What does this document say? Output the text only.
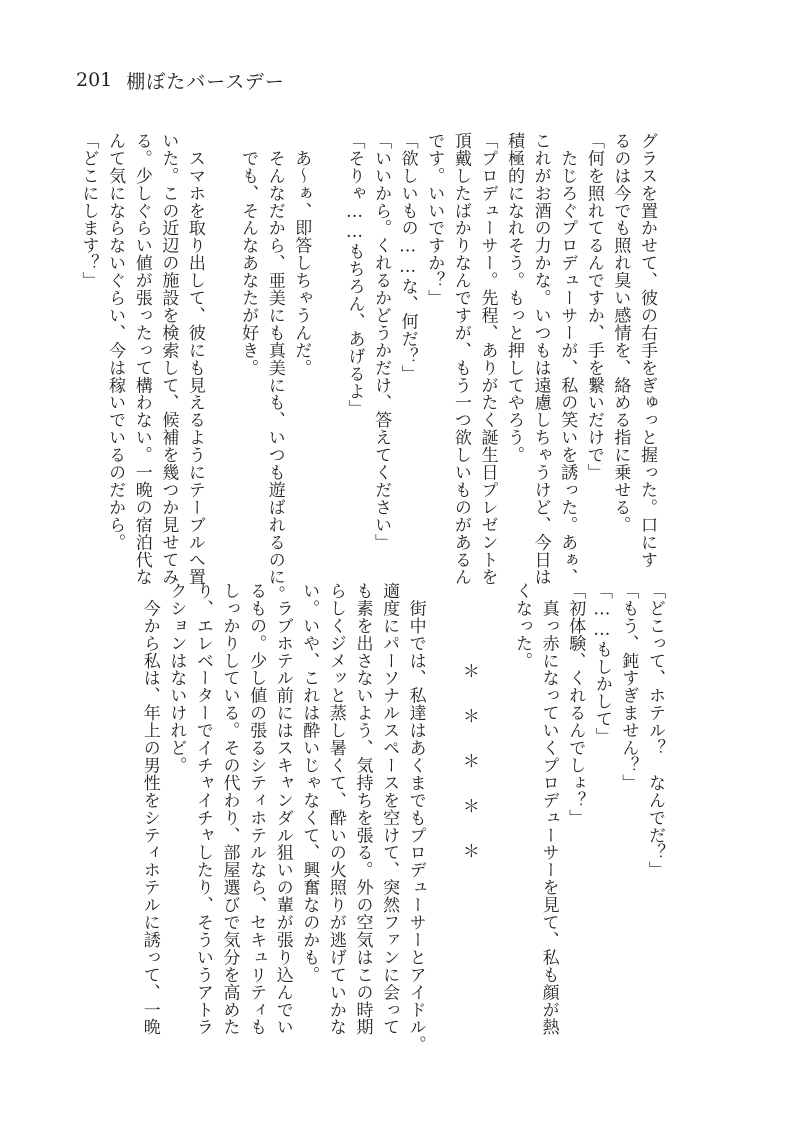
201 棚ぼたバースデー
グラスを置かせて、彼の右手をぎゅっと握った。口にす
るのは今でも照れ臭い感情を、絡める指に乗せる。
「何を照れてるんですか、手を繋いだけで」
　たじろぐプロデューサーが、私の笑いを誘った。あぁ、
これがお酒の力かな。いつもは遠慮しちゃうけど、今日は
積極的になれそう。もっと押してやろう。
「プロデューサー。先程、ありがたく誕生日プレゼントを
頂戴したばかりなんですが、もう一つ欲しいものがあるん
です。いいですか？」
「欲しいもの……な、何だ？」
「いいから。くれるかどうかだけ、答えてください」
「そりゃ……もちろん、あげるよ」

　あ～ぁ、即答しちゃうんだ。
　そんなだから、亜美にも真美にも、いつも遊ばれるのに。
　でも、そんなあなたが好き。

　スマホを取り出して、彼にも見えるようにテーブルへ置
いた。この近辺の施設を検索して、候補を幾つか見せてみ
る。少しぐらい値が張ったって構わない。一晩の宿泊代な
んて気にならないぐらい、今は稼いでいるのだから。
「どこにします？」
「どこって、ホテル？　なんでだ？」
「もう、鈍すぎません？」
「……もしかして」
「初体験、くれるんでしょ？」
　真っ赤になっていくプロデューサーを見て、私も顔が熱
くなった。

＊＊＊＊＊

　街中では、私達はあくまでもプロデューサーとアイドル。
適度にパーソナルスペースを空けて、突然ファンに会って
も素を出さないよう、気持ちを張る。外の空気はこの時期
らしくジメッと蒸し暑くて、酔いの火照りが逃げていかな
い。いや、これは酔いじゃなくて、興奮なのかも。
　ラブホテル前にはスキャンダル狙いの輩が張り込んでい
るもの。少し値の張るシティホテルなら、セキュリティも
しっかりしている。その代わり、部屋選びで気分を高めた
り、エレベーターでイチャイチャしたり、そういうアトラ
クションはないけれど。
　今から私は、年上の男性をシティホテルに誘って、一晩
